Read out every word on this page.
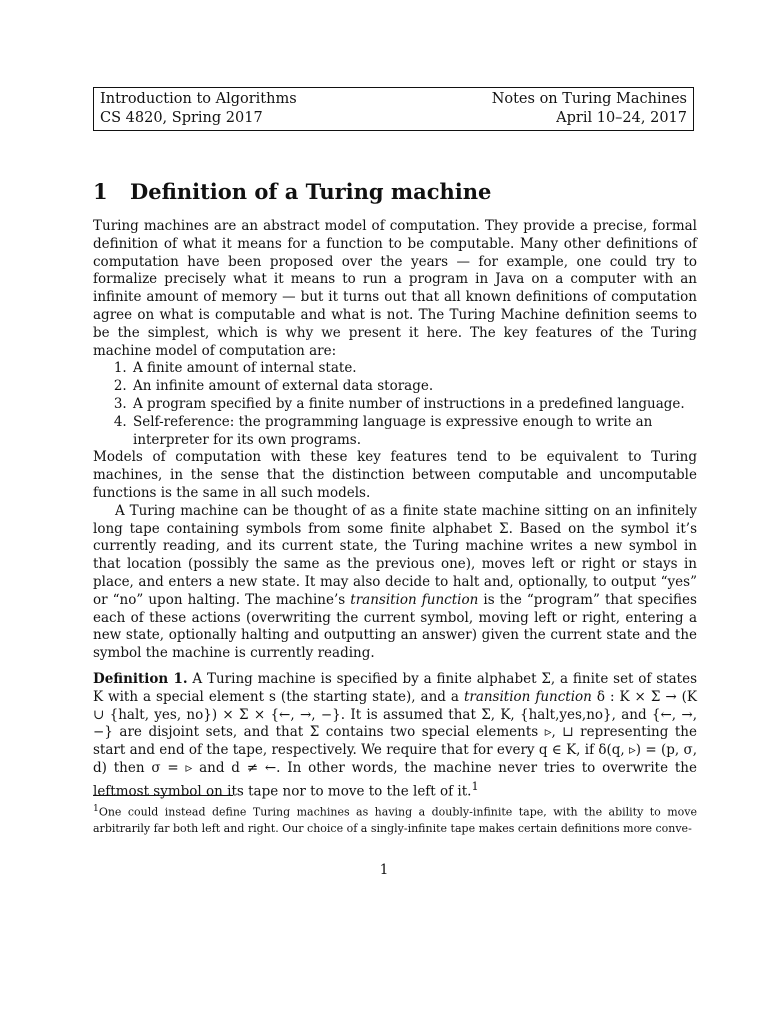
Introduction to Algorithms	Notes on Turing Machines
CS 4820, Spring 2017	April 10–24, 2017
1 Definition of a Turing machine

Turing machines are an abstract model of computation. They provide a precise, formal definition of what it means for a function to be computable. Many other definitions of computation have been proposed over the years — for example, one could try to formalize precisely what it means to run a program in Java on a computer with an infinite amount of memory — but it turns out that all known definitions of computation agree on what is computable and what is not. The Turing Machine definition seems to be the simplest, which is why we present it here. The key features of the Turing machine model of computation are:

1. A finite amount of internal state.
2. An infinite amount of external data storage.
3. A program specified by a finite number of instructions in a predefined language.
4. Self-reference: the programming language is expressive enough to write an interpreter for its own programs.

Models of computation with these key features tend to be equivalent to Turing machines, in the sense that the distinction between computable and uncomputable functions is the same in all such models.

A Turing machine can be thought of as a finite state machine sitting on an infinitely long tape containing symbols from some finite alphabet Σ. Based on the symbol it’s currently reading, and its current state, the Turing machine writes a new symbol in that location (possibly the same as the previous one), moves left or right or stays in place, and enters a new state. It may also decide to halt and, optionally, to output “yes” or “no” upon halting. The machine’s transition function is the “program” that specifies each of these actions (overwriting the current symbol, moving left or right, entering a new state, optionally halting and outputting an answer) given the current state and the symbol the machine is currently reading.

Definition 1. A Turing machine is specified by a finite alphabet Σ, a finite set of states K with a special element s (the starting state), and a transition function δ : K × Σ → (K ∪ {halt, yes, no}) × Σ × {←, →, −}. It is assumed that Σ, K, {halt,yes,no}, and {←, →, −} are disjoint sets, and that Σ contains two special elements ▹, ⊔ representing the start and end of the tape, respectively. We require that for every q ∈ K, if δ(q, ▹) = (p, σ, d) then σ = ▹ and d ≠ ←. In other words, the machine never tries to overwrite the leftmost symbol on its tape nor to move to the left of it.$^1$

$^1$One could instead define Turing machines as having a doubly-infinite tape, with the ability to move arbitrarily far both left and right. Our choice of a singly-infinite tape makes certain definitions more conve-
1
